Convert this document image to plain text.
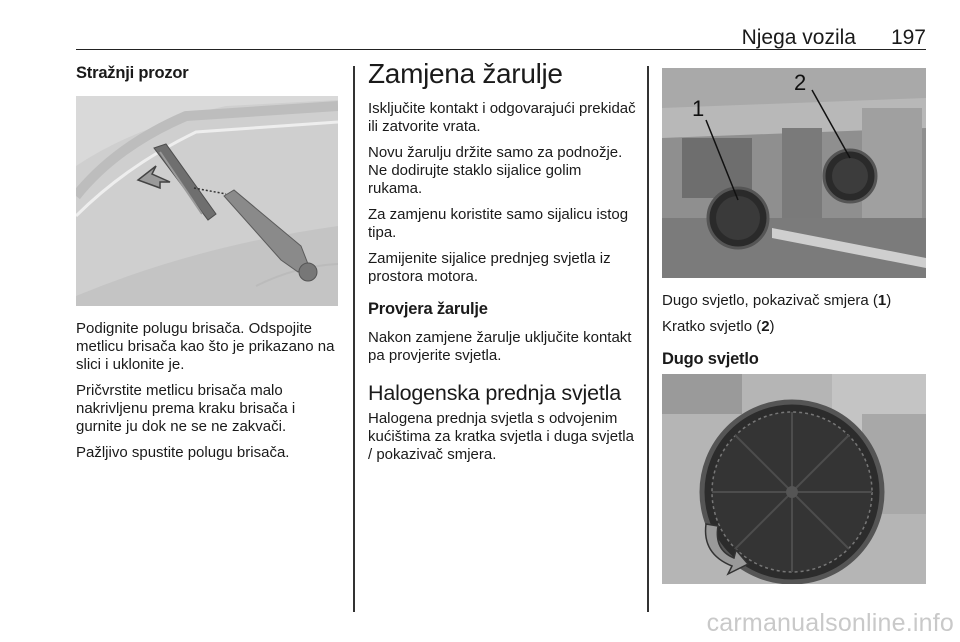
Njega vozila 197
Stražnji prozor

Podignite polugu brisača. Odspojite metlicu brisača kao što je prikazano na slici i uklonite je.

Pričvrstite metlicu brisača malo nakrivljenu prema kraku brisača i gurnite ju dok ne se ne zakvači.

Pažljivo spustite polugu brisača.

Zamjena žarulje

Isključite kontakt i odgovarajući prekidač ili zatvorite vrata.

Novu žarulju držite samo za podnožje. Ne dodirujte staklo sijalice golim rukama.

Za zamjenu koristite samo sijalicu istog tipa.

Zamijenite sijalice prednjeg svjetla iz prostora motora.

Provjera žarulje

Nakon zamjene žarulje uključite kontakt pa provjerite svjetla.

Halogenska prednja svjetla

Halogena prednja svjetla s odvojenim kućištima za kratka svjetla i duga svjetla / pokazivač smjera.

1
2

Dugo svjetlo, pokazivač smjera (1)

Kratko svjetlo (2)

Dugo svjetlo
carmanualsonline.info
